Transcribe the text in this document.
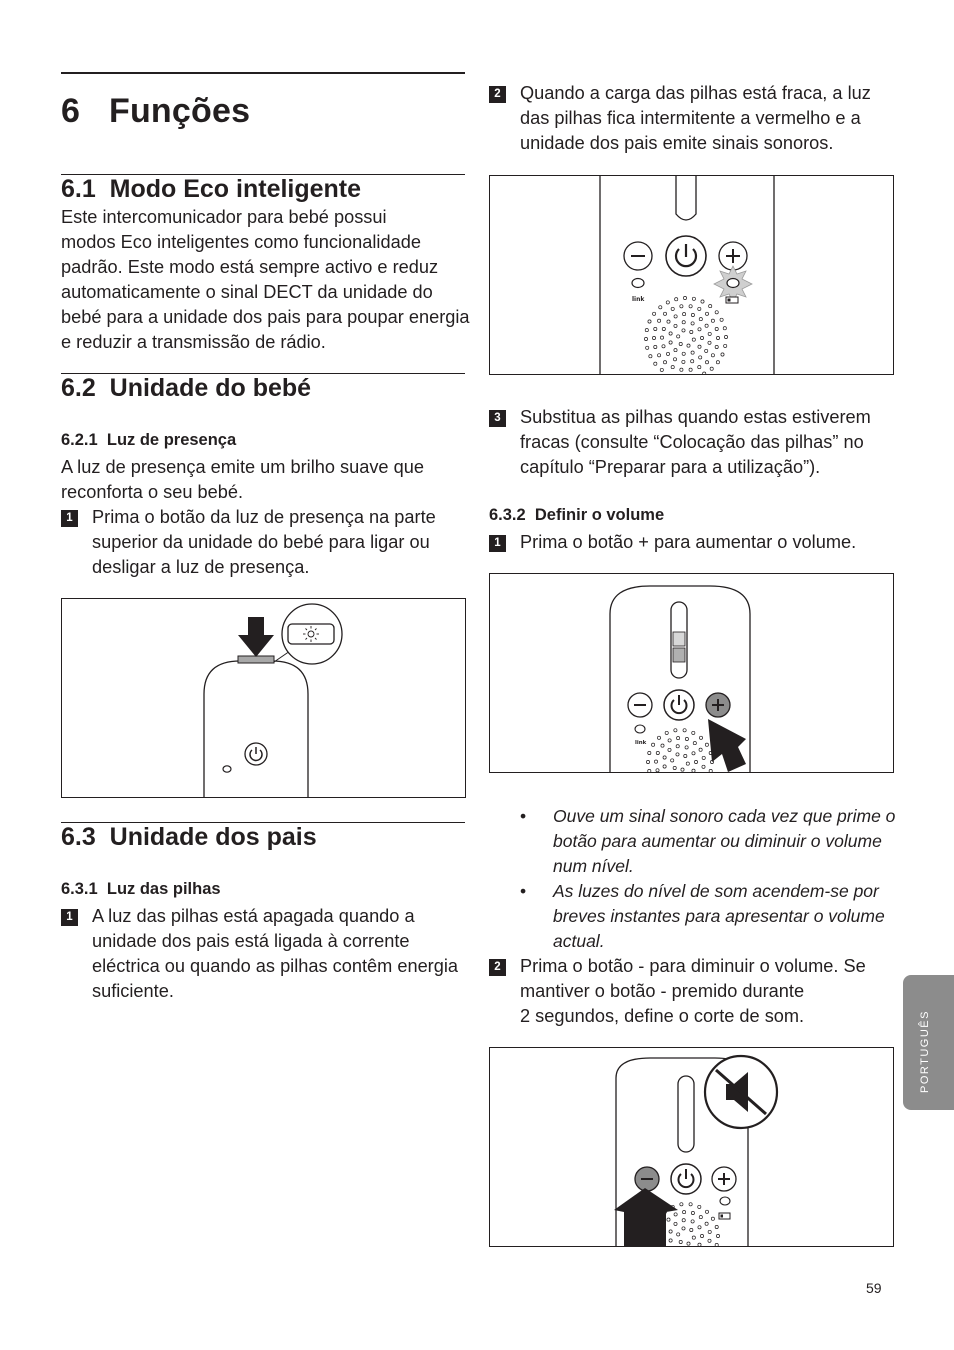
6 Funções
6.1  Modo Eco inteligente
Este intercomunicador para bebé possui
modos Eco inteligentes como funcionalidade
padrão. Este modo está sempre activo e reduz
automaticamente o sinal DECT da unidade do
bebé para a unidade dos pais para poupar energia
e reduzir a transmissão de rádio.
6.2  Unidade do bebé
6.2.1  Luz de presença
A luz de presença emite um brilho suave que
reconforta o seu bebé.
1 Prima o botão da luz de presença na parte
superior da unidade do bebé para ligar ou
desligar a luz de presença.
6.3  Unidade dos pais
6.3.1  Luz das pilhas
1 A luz das pilhas está apagada quando a
unidade dos pais está ligada à corrente
eléctrica ou quando as pilhas contêm energia
suficiente.
2 Quando a carga das pilhas está fraca, a luz
das pilhas fica intermitente a vermelho e a
unidade dos pais emite sinais sonoros.
link
3 Substitua as pilhas quando estas estiverem
fracas (consulte “Colocação das pilhas” no
capítulo “Preparar para a utilização”).
6.3.2  Definir o volume
1 Prima o botão + para aumentar o volume.
link
• Ouve um sinal sonoro cada vez que prime o
botão para aumentar ou diminuir o volume
num nível.
• As luzes do nível de som acendem-se por
breves instantes para apresentar o volume
actual.
2 Prima o botão - para diminuir o volume. Se
mantiver o botão - premido durante
2 segundos, define o corte de som.	PORTUGUÊS
59
